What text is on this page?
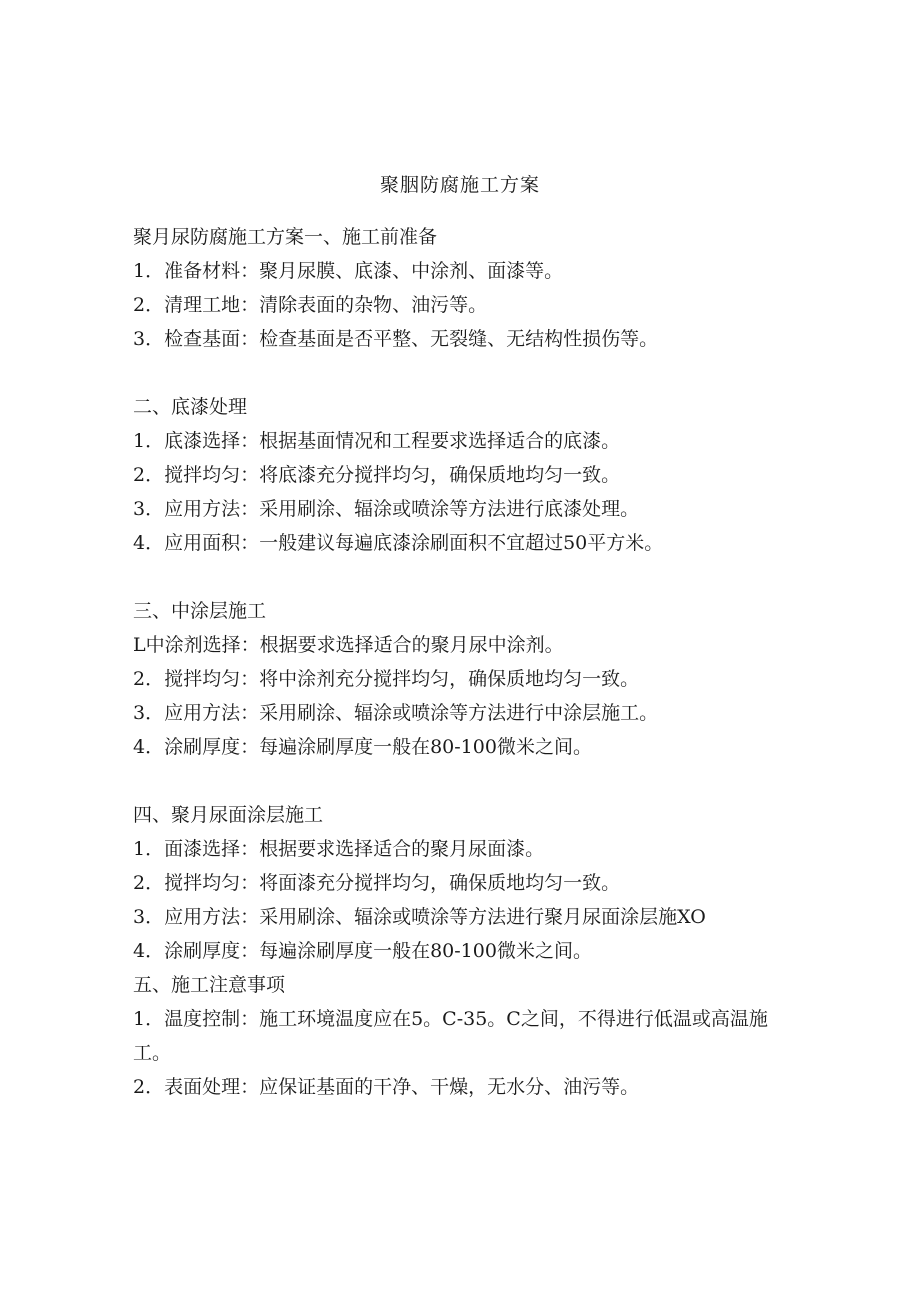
聚胭防腐施工方案
聚月尿防腐施工方案一、施工前准备
1．准备材料：聚月尿膜、底漆、中涂剂、面漆等。
2．清理工地：清除表面的杂物、油污等。
3．检查基面：检查基面是否平整、无裂缝、无结构性损伤等。
二、底漆处理
1．底漆选择：根据基面情况和工程要求选择适合的底漆。
2．搅拌均匀：将底漆充分搅拌均匀，确保质地均匀一致。
3．应用方法：采用刷涂、辐涂或喷涂等方法进行底漆处理。
4．应用面积：一般建议每遍底漆涂刷面积不宜超过50平方米。
三、中涂层施工
L中涂剂选择：根据要求选择适合的聚月尿中涂剂。
2．搅拌均匀：将中涂剂充分搅拌均匀，确保质地均匀一致。
3．应用方法：采用刷涂、辐涂或喷涂等方法进行中涂层施工。
4．涂刷厚度：每遍涂刷厚度一般在80-100微米之间。
四、聚月尿面涂层施工
1．面漆选择：根据要求选择适合的聚月尿面漆。
2．搅拌均匀：将面漆充分搅拌均匀，确保质地均匀一致。
3．应用方法：采用刷涂、辐涂或喷涂等方法进行聚月尿面涂层施XO
4．涂刷厚度：每遍涂刷厚度一般在80-100微米之间。
五、施工注意事项
1．温度控制：施工环境温度应在5。C-35。C之间，不得进行低温或高温施工。
2．表面处理：应保证基面的干净、干燥，无水分、油污等。
